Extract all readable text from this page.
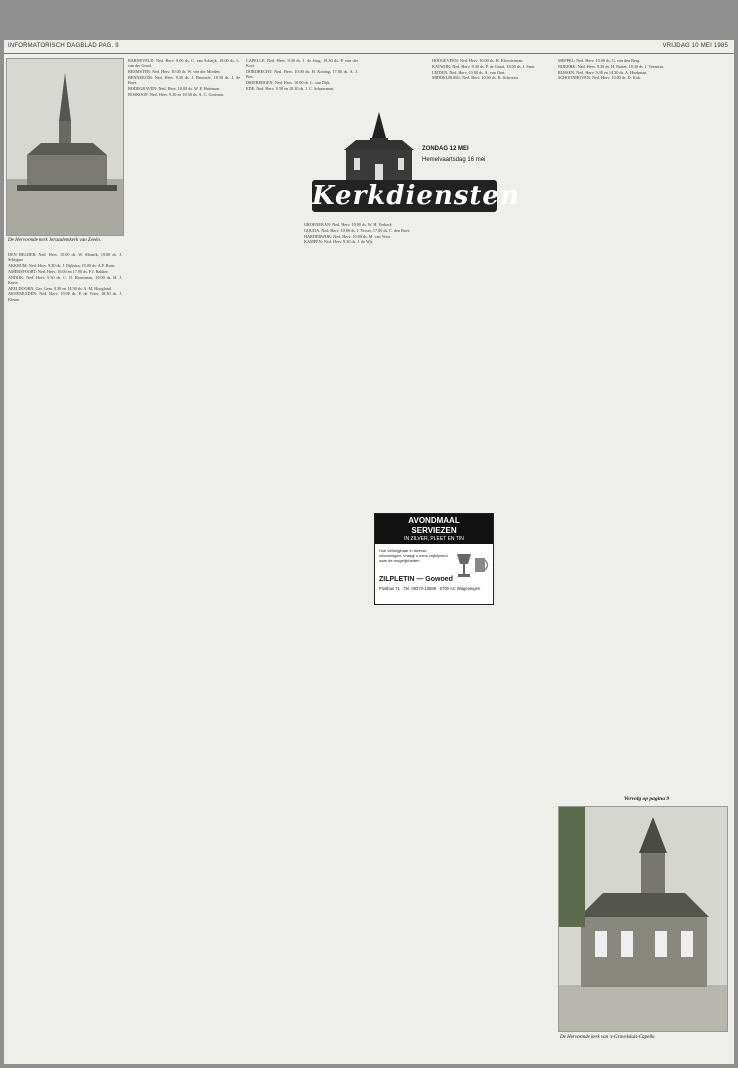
INFORMATORISCH DAGBLAD PAG. 9	VRIJDAG 10 MEI 1985
De Hervormde kerk Jeruzalemkerk van Zeeën.
ZONDAG 12 MEI
Hemelvaartsdag 16 mei
Kerkdiensten

DEN HELDER: Ned. Herv. 10.00 ds. W. Mourik, 19.00 ds. J. Schipper.

AKKRUM: Ned. Herv. 9.30 ds. J. Dijkstra, 19.00 ds. A.F. Reen.

AMERSFOORT: Ned. Herv. 10.00 en 17.00 ds. F.J. Bakker.

ANDIJK: Ned. Herv. 9.30 ds. C. N. Bouwman, 19.00 ds. H. J. Korte.

APELDOORN: Ger. Gem. 9.30 en 14.30 ds. A. M. Hoogland.

ARNEMUIDEN: Ned. Herv. 10.00 ds. P. de Vries, 18.30 ds. J. Kleine.

BARNEVELD: Ned. Herv. 9.00 ds. C. van Schaijk, 19.00 ds. L. van der Graaf.

BEEMSTER: Ned. Herv. 10.00 ds. W. van der Mieden.

BENNEKOM: Ned. Herv. 9.30 ds. J. Brouwer, 18.30 ds. J. de Boer.

BODEGRAVEN: Ned. Herv. 10.00 ds. W. F. Huisman.

BOSKOOP: Ned. Herv. 9.30 en 18.30 ds. A. C. Gorissen.

CAPELLE: Ned. Herv. 9.30 ds. J. de Jong, 18.30 ds. P. van der Kooi.

DORDRECHT: Ned. Herv. 10.00 ds. H. Koning, 17.00 ds. A. J. Bos.

DRIEBERGEN: Ned. Herv. 10.00 ds. L. van Dijk.

EDE: Ned. Herv. 9.30 en 18.30 ds. J. C. Schuurman.

GROENEKAN: Ned. Herv. 10.00 ds. W. H. Verkerk.

GOUDA: Ned. Herv. 10.00 ds. J. Visser, 17.00 ds. C. den Boer.

HARDERWIJK: Ned. Herv. 10.00 ds. M. van Veen.

KAMPEN: Ned. Herv. 9.30 ds. J. de Wit.

HOOGEVEEN: Ned. Herv. 10.00 ds. H. Kloosterman.

KATWIJK: Ned. Herv. 9.30 ds. P. de Graaf, 18.00 ds. J. Smit.

LEIDEN: Ned. Herv. 10.00 ds. A. van Oort.

MIDDELBURG: Ned. Herv. 10.00 ds. K. Schroten.

MEPPEL: Ned. Herv. 10.00 ds. G. van den Berg.

NIJKERK: Ned. Herv. 9.30 ds. H. Ruiter, 18.30 ds. J. Veenstra.

RIJSSEN: Ned. Herv. 9.30 en 14.30 ds. A. Hoekman.

SCHOONHOVEN: Ned. Herv. 10.00 ds. D. Kok.

AVONDMAAL
SERVIEZEN
IN ZILVER, PLEET EN TIN
Ook verkrijgbaar in diverse uitvoeringen. Vraagt u eens vrijblijvend naar de mogelijkheden.
ZILPLETIN — Gowoed
Postbus 71 · Tel. 08370-13598 · 6700 AC Wageningen
Vervolg op pagina 9
De Hervormde kerk van 's-Gravelsluis-Capelle.
